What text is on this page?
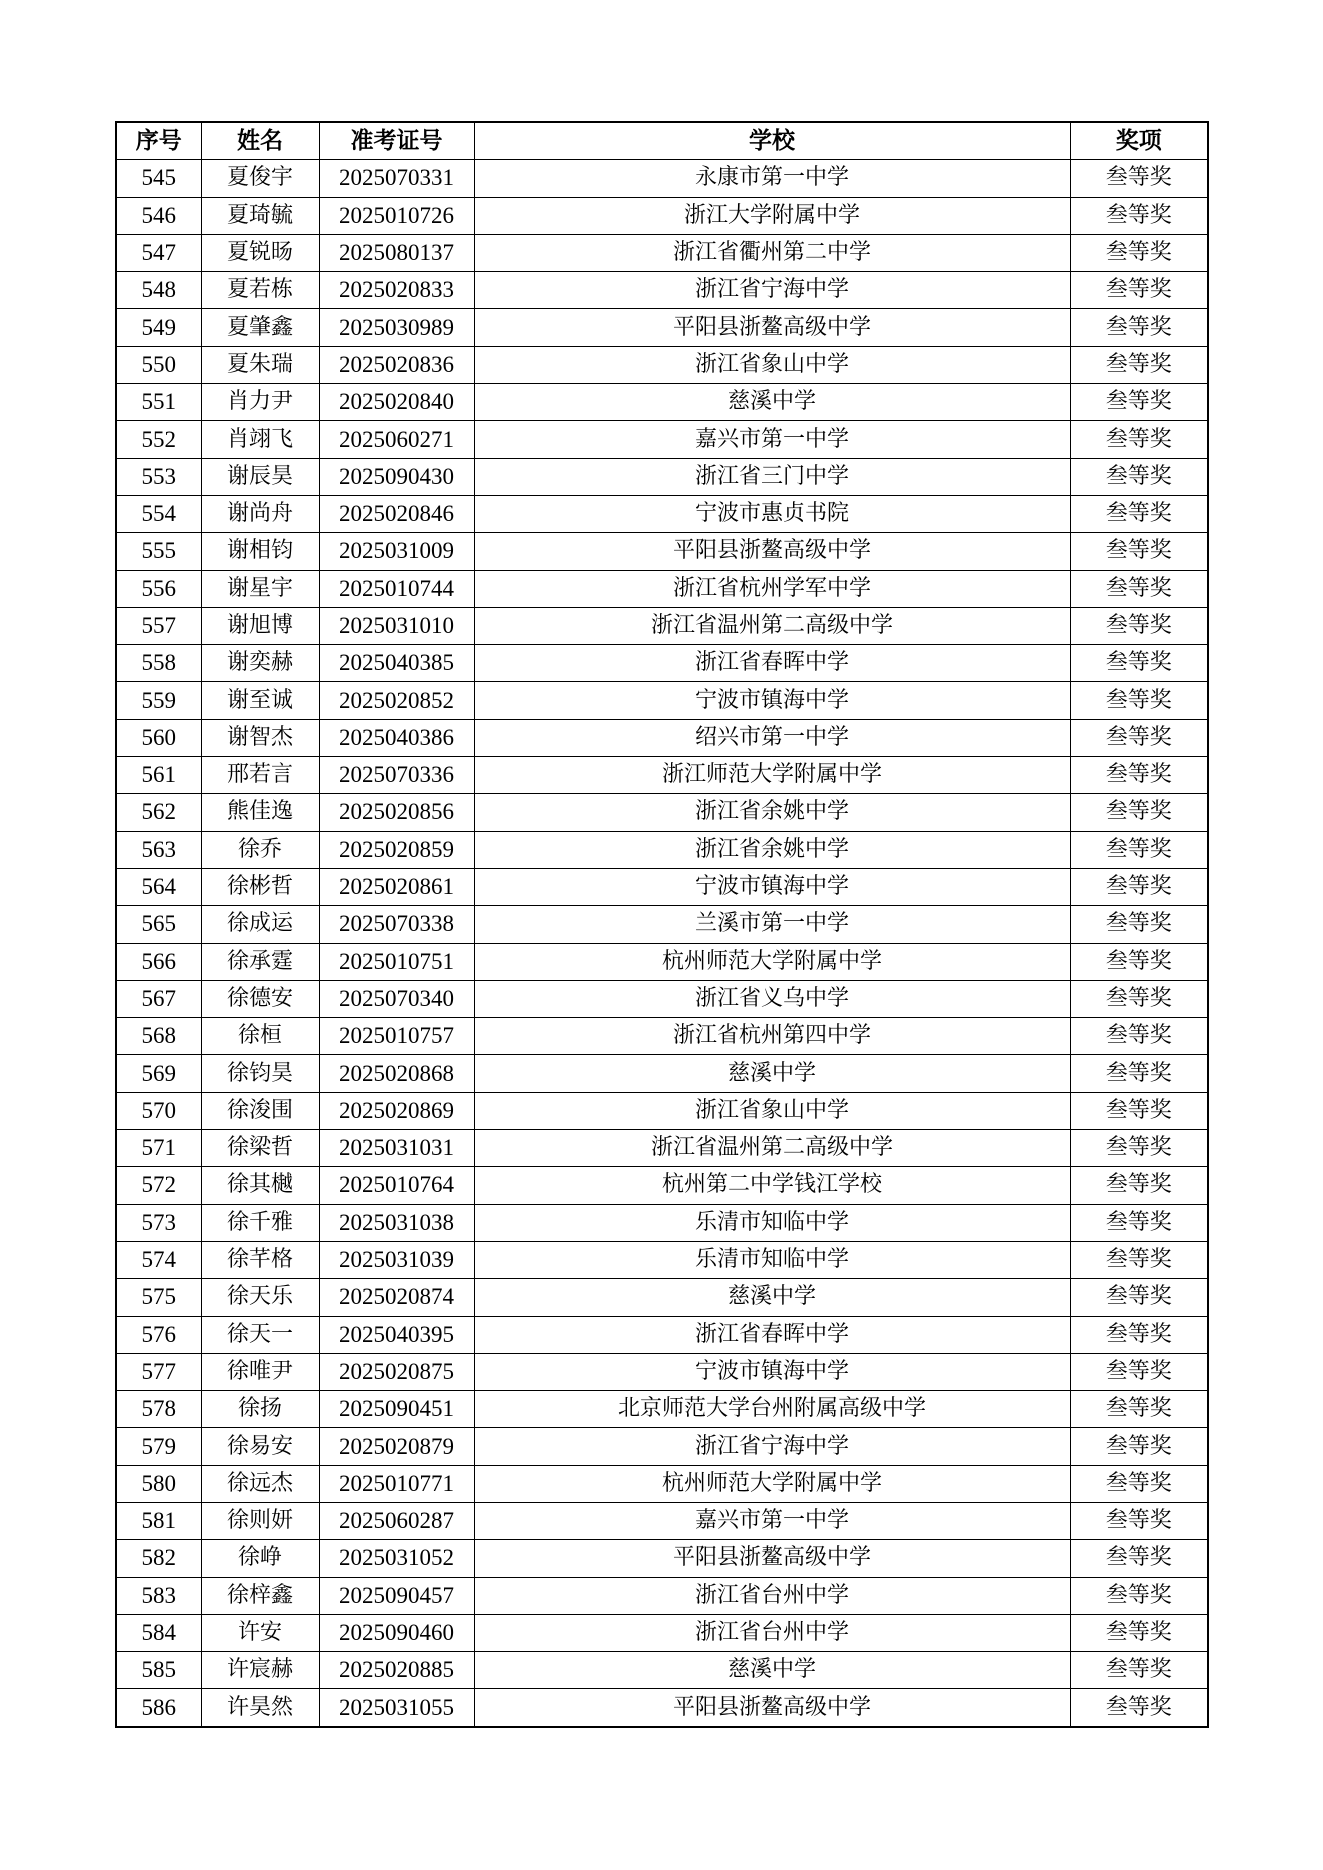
序号	姓名	准考证号	学校	奖项
545	夏俊宇	2025070331	永康市第一中学	叁等奖
546	夏琦毓	2025010726	浙江大学附属中学	叁等奖
547	夏锐旸	2025080137	浙江省衢州第二中学	叁等奖
548	夏若栋	2025020833	浙江省宁海中学	叁等奖
549	夏肇鑫	2025030989	平阳县浙鳌高级中学	叁等奖
550	夏朱瑞	2025020836	浙江省象山中学	叁等奖
551	肖力尹	2025020840	慈溪中学	叁等奖
552	肖翊飞	2025060271	嘉兴市第一中学	叁等奖
553	谢辰昊	2025090430	浙江省三门中学	叁等奖
554	谢尚舟	2025020846	宁波市惠贞书院	叁等奖
555	谢相钧	2025031009	平阳县浙鳌高级中学	叁等奖
556	谢星宇	2025010744	浙江省杭州学军中学	叁等奖
557	谢旭博	2025031010	浙江省温州第二高级中学	叁等奖
558	谢奕赫	2025040385	浙江省春晖中学	叁等奖
559	谢至诚	2025020852	宁波市镇海中学	叁等奖
560	谢智杰	2025040386	绍兴市第一中学	叁等奖
561	邢若言	2025070336	浙江师范大学附属中学	叁等奖
562	熊佳逸	2025020856	浙江省余姚中学	叁等奖
563	徐乔	2025020859	浙江省余姚中学	叁等奖
564	徐彬哲	2025020861	宁波市镇海中学	叁等奖
565	徐成运	2025070338	兰溪市第一中学	叁等奖
566	徐承霆	2025010751	杭州师范大学附属中学	叁等奖
567	徐德安	2025070340	浙江省义乌中学	叁等奖
568	徐桓	2025010757	浙江省杭州第四中学	叁等奖
569	徐钧昊	2025020868	慈溪中学	叁等奖
570	徐浚围	2025020869	浙江省象山中学	叁等奖
571	徐梁哲	2025031031	浙江省温州第二高级中学	叁等奖
572	徐其樾	2025010764	杭州第二中学钱江学校	叁等奖
573	徐千雅	2025031038	乐清市知临中学	叁等奖
574	徐芊格	2025031039	乐清市知临中学	叁等奖
575	徐天乐	2025020874	慈溪中学	叁等奖
576	徐天一	2025040395	浙江省春晖中学	叁等奖
577	徐唯尹	2025020875	宁波市镇海中学	叁等奖
578	徐扬	2025090451	北京师范大学台州附属高级中学	叁等奖
579	徐易安	2025020879	浙江省宁海中学	叁等奖
580	徐远杰	2025010771	杭州师范大学附属中学	叁等奖
581	徐则妍	2025060287	嘉兴市第一中学	叁等奖
582	徐峥	2025031052	平阳县浙鳌高级中学	叁等奖
583	徐梓鑫	2025090457	浙江省台州中学	叁等奖
584	许安	2025090460	浙江省台州中学	叁等奖
585	许宸赫	2025020885	慈溪中学	叁等奖
586	许昊然	2025031055	平阳县浙鳌高级中学	叁等奖
